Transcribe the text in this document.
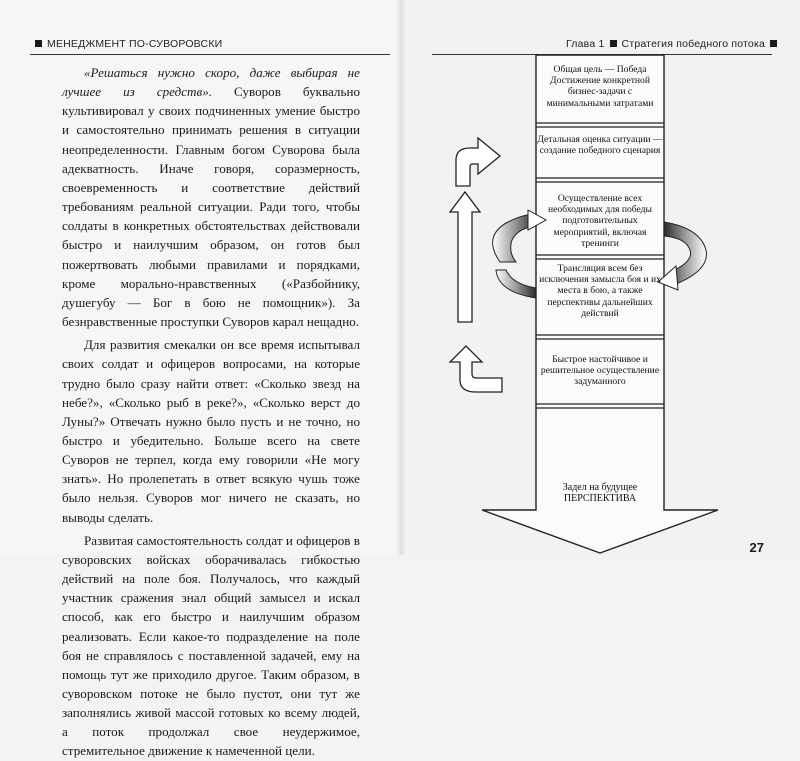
МЕНЕДЖМЕНТ ПО-СУВОРОВСКИ	Глава 1 Стратегия победного потока

«Решаться нужно скоро, даже выбирая не лучшее из средств». Суворов буквально культивировал у своих подчиненных умение быстро и самостоятельно принимать решения в ситуации неопределенности. Главным богом Суворова была адекватность. Иначе говоря, соразмерность, своевременность и соответствие действий требованиям реальной ситуации. Ради того, чтобы солдаты в конкретных обстоятельствах действовали быстро и наилучшим образом, он готов был пожертвовать любыми правилами и порядками, кроме морально-нравственных («Разбойнику, душегубу — Бог в бою не помощник»). За безнравственные проступки Суворов карал нещадно.

Для развития смекалки он все время испытывал своих солдат и офицеров вопросами, на которые трудно было сразу найти ответ: «Сколько звезд на небе?», «Сколько рыб в реке?», «Сколько верст до Луны?» Отвечать нужно было пусть и не точно, но быстро и убедительно. Больше всего на свете Суворов не терпел, когда ему говорили «Не могу знать». Но пролепетать в ответ всякую чушь тоже было нельзя. Суворов мог ничего не сказать, но выводы сделать.

Развитая самостоятельность солдат и офицеров в суворовских войсках оборачивалась гибкостью действий на поле боя. Получалось, что каждый участник сражения знал общий замысел и искал способ, как его быстро и наилучшим образом реализовать. Если какое-то подразделение на поле боя не справлялось с поставленной задачей, ему на помощь тут же приходило другое. Таким образом, в суворовском потоке не было пустот, они тут же заполнялись живой массой готовых ко всему людей, а поток продолжал свое неудержимое, стремительное движение к намеченной цели.

Общая цель — Победа Достижение конкретной бизнес-задачи с минимальными затратами
Детальная оценка ситуации — создание победного сценария
Осуществление всех необходимых для победы подготовительных мероприятий, включая тренинги
Трансляция всем без исключения замысла боя и их места в бою, а также перспективы дальнейших действий
Быстрое настойчивое и решительное осуществление задуманного
Задел на будущее
ПЕРСПЕКТИВА
27
